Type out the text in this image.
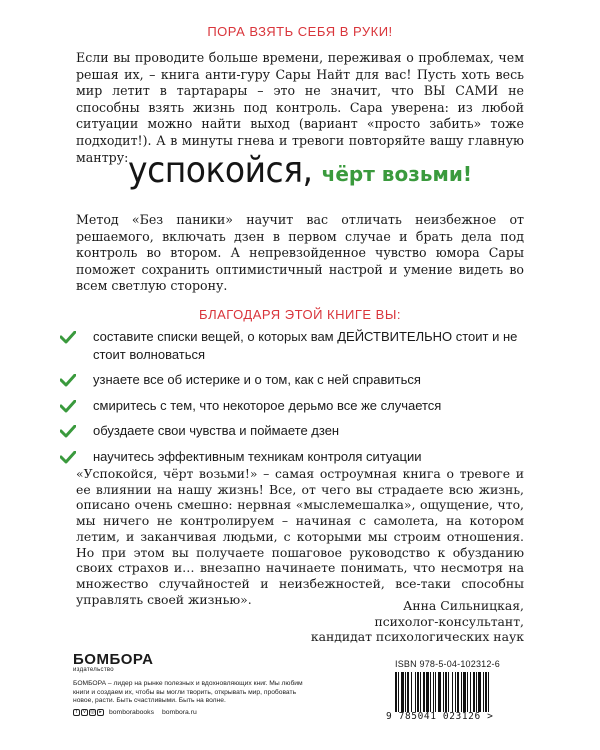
ПОРА ВЗЯТЬ СЕБЯ В РУКИ!
Если вы проводите больше времени, переживая о проблемах, чем решая их, – книга анти-гуру Сары Найт для вас! Пусть хоть весь мир летит в тартарары – это не значит, что ВЫ САМИ не способны взять жизнь под контроль. Сара уверена: из любой ситуации можно найти выход (вариант «просто забить» тоже подходит!). А в минуты гнева и тревоги повторяйте вашу главную мантру: успокойся, чёрт возьми!
Метод «Без паники» научит вас отличать неизбежное от решаемого, включать дзен в первом случае и брать дела под контроль во втором. А непревзойденное чувство юмора Сары поможет сохранить оптимистичный настрой и умение видеть во всем светлую сторону.
БЛАГОДАРЯ ЭТОЙ КНИГЕ ВЫ:
составите списки вещей, о которых вам ДЕЙСТВИТЕЛЬНО стоит и не стоит волноваться
узнаете все об истерике и о том, как с ней справиться
смиритесь с тем, что некоторое дерьмо все же случается
обуздаете свои чувства и поймаете дзен
научитесь эффективным техникам контроля ситуации
«Успокойся, чёрт возьми!» – самая остроумная книга о тревоге и ее влиянии на нашу жизнь! Все, от чего вы страдаете всю жизнь, описано очень смешно: нервная «мыслемешалка», ощущение, что, мы ничего не контролируем – начиная с самолета, на котором летим, и заканчивая людьми, с которыми мы строим отношения. Но при этом вы получаете пошаговое руководство к обузданию своих страхов и… внезапно начинаете понимать, что несмотря на множество случайностей и неизбежностей, все-таки способны управлять своей жизнью».	Анна Сильницкая,
психолог-консультант,
кандидат психологических наук
БОМБОРА
издательство
БОМБОРА – лидер на рынке полезных и вдохновляющих книг. Мы любим книги и создаем их, чтобы вы могли творить, открывать мир, пробовать новое, расти. Быть счастливыми. Быть на волне.
f	v ◎ ▸	bomborabooks bombora.ru
ISBN 978-5-04-102312-6
9 785041 023126 >
